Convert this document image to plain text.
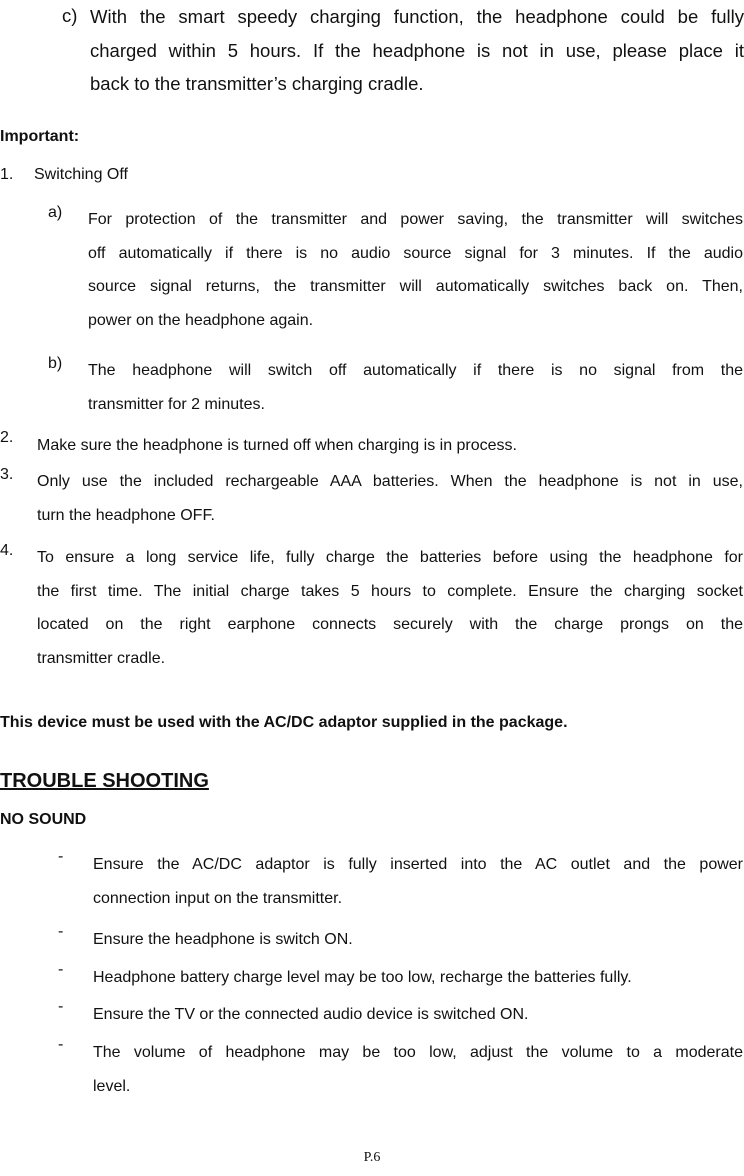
c) With the smart speedy charging function, the headphone could be fully
charged within 5 hours. If the headphone is not in use, please place it
back to the transmitter’s charging cradle.
Important:
1. Switching Off
a) For protection of the transmitter and power saving, the transmitter will switches
off automatically if there is no audio source signal for 3 minutes. If the audio
source signal returns, the transmitter will automatically switches back on. Then,
power on the headphone again.
b) The headphone will switch off automatically if there is no signal from the
transmitter for 2 minutes.
2. Make sure the headphone is turned off when charging is in process.
3. Only use the included rechargeable AAA batteries. When the headphone is not in use,
turn the headphone OFF.
4. To ensure a long service life, fully charge the batteries before using the headphone for
the first time. The initial charge takes 5 hours to complete. Ensure the charging socket
located on the right earphone connects securely with the charge prongs on the
transmitter cradle.
This device must be used with the AC/DC adaptor supplied in the package.
TROUBLE SHOOTING
NO SOUND
- Ensure the AC/DC adaptor is fully inserted into the AC outlet and the power
connection input on the transmitter.
- Ensure the headphone is switch ON.
- Headphone battery charge level may be too low, recharge the batteries fully.
- Ensure the TV or the connected audio device is switched ON.
- The volume of headphone may be too low, adjust the volume to a moderate
level.
P.6
